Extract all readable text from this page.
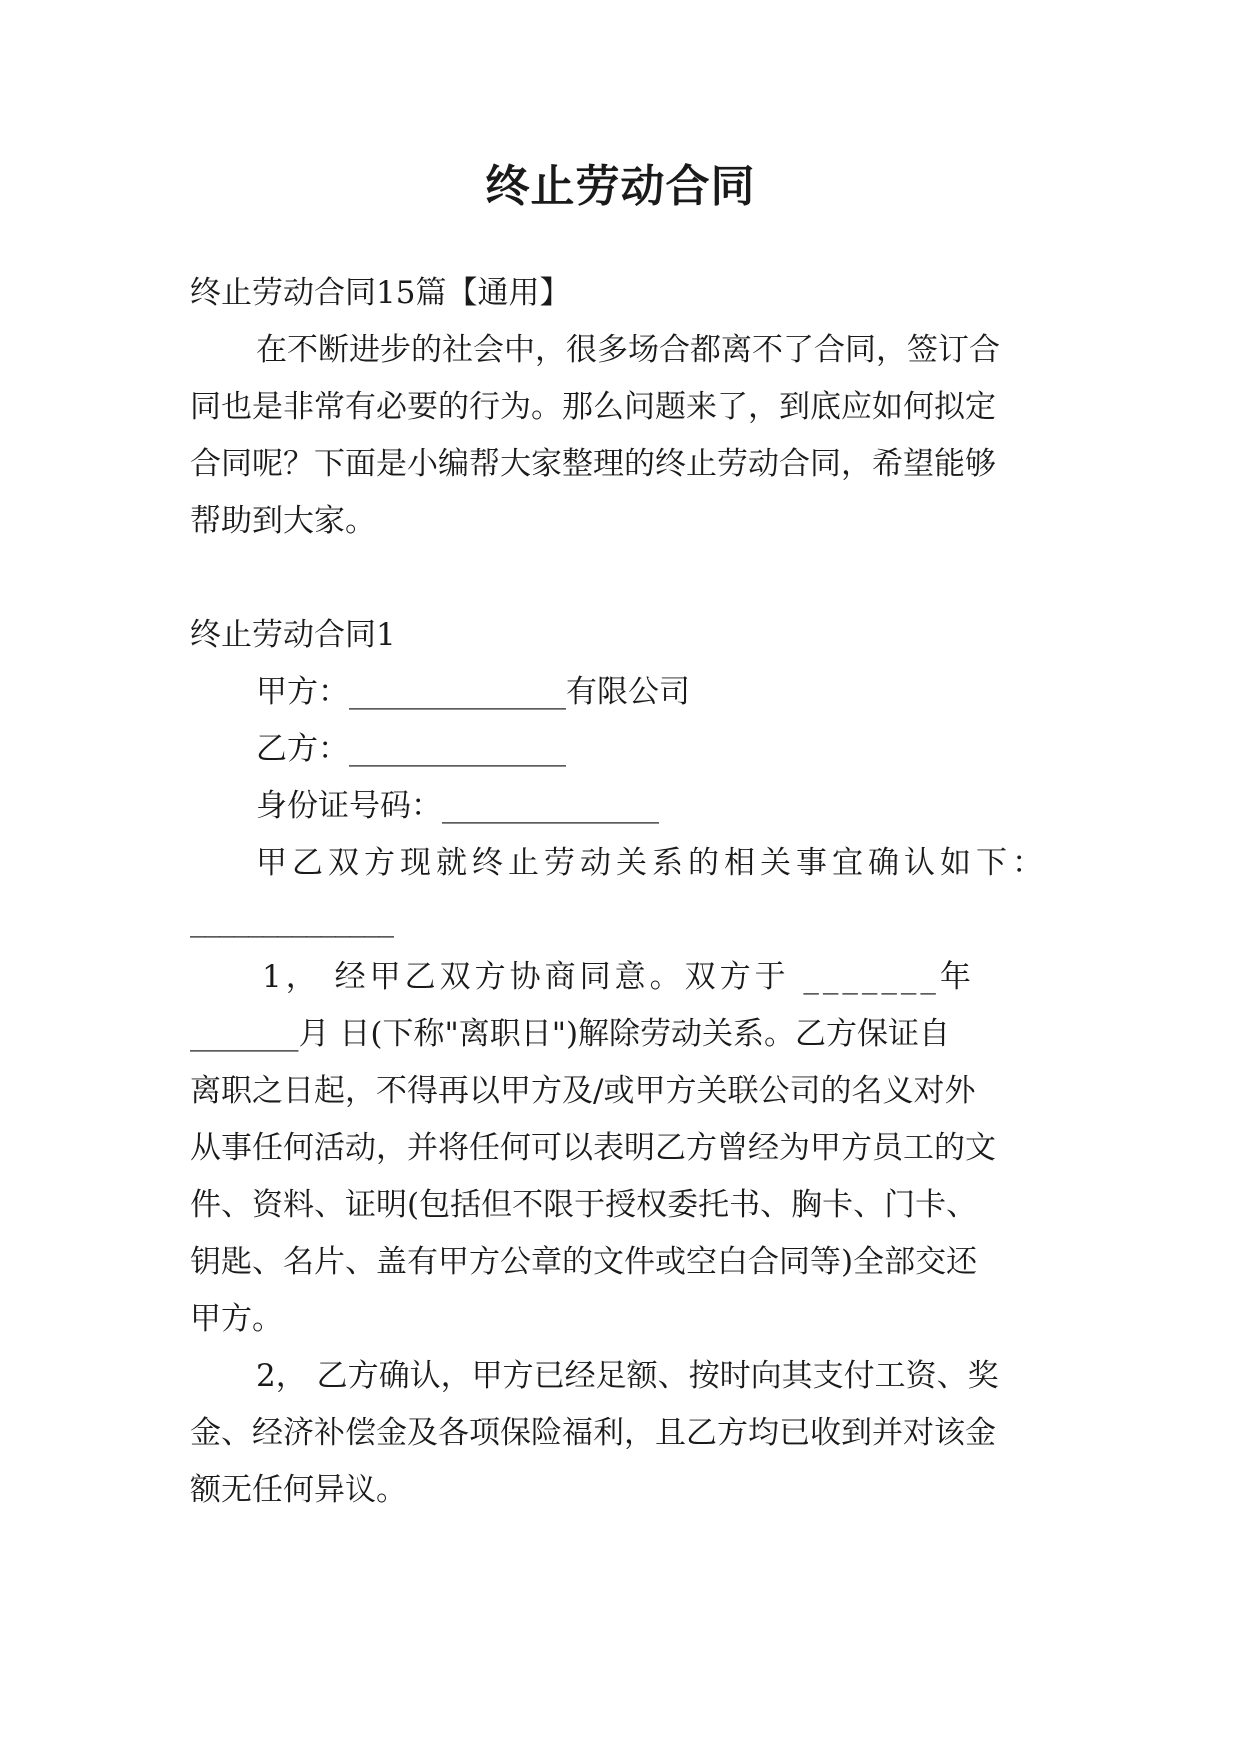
终止劳动合同

终止劳动合同15篇【通用】

在不断进步的社会中，很多场合都离不了合同，签订合

同也是非常有必要的行为。那么问题来了，到底应如何拟定

合同呢？下面是小编帮大家整理的终止劳动合同，希望能够

帮助到大家。

终止劳动合同1

甲方：______________有限公司

乙方：______________

身份证号码：______________

甲乙双方现就终止劳动关系的相关事宜确认如下：

______________

1， 经甲乙双方协商同意。双方于 _______年

_______月 日(下称"离职日")解除劳动关系。乙方保证自

离职之日起，不得再以甲方及/或甲方关联公司的名义对外

从事任何活动，并将任何可以表明乙方曾经为甲方员工的文

件、资料、证明(包括但不限于授权委托书、胸卡、门卡、

钥匙、名片、盖有甲方公章的文件或空白合同等)全部交还

甲方。

2， 乙方确认，甲方已经足额、按时向其支付工资、奖

金、经济补偿金及各项保险福利，且乙方均已收到并对该金

额无任何异议。
